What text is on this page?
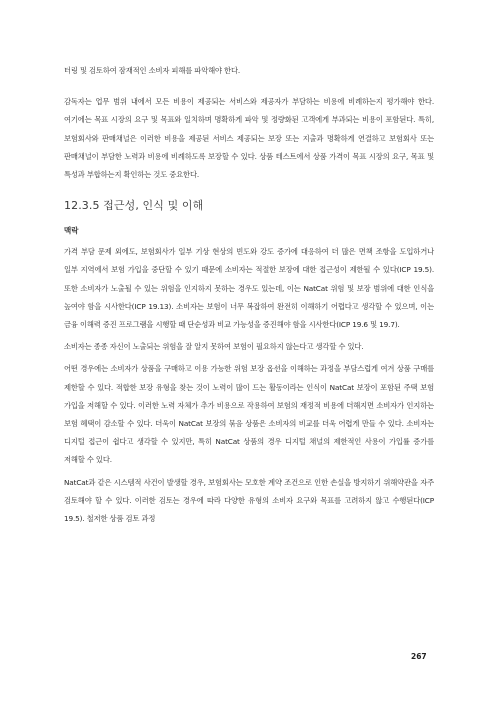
터링 및 검토하여 잠재적인 소비자 피해를 파악해야 한다.

감독자는 업무 범위 내에서 모든 비용이 제공되는 서비스와 제공자가 부담하는 비용에 비례하는지 평가해야 한다. 여기에는 목표 시장의 요구 및 목표와 일치하며 명확하게 파악 및 정량화된 고객에게 부과되는 비용이 포함된다. 특히, 보험회사와 판매채널은 이러한 비용을 제공된 서비스 제공되는 보장 또는 지출과 명확하게 연결하고 보험회사 또는 판매채널이 부담한 노력과 비용에 비례하도록 보장할 수 있다. 상품 테스트에서 상품 가격이 목표 시장의 요구, 목표 및 특성과 부합하는지 확인하는 것도 중요한다.

12.3.5 접근성, 인식 및 이해
맥락

가격 부담 문제 외에도, 보험회사가 일부 기상 현상의 빈도와 강도 증가에 대응하여 더 많은 면책 조항을 도입하거나 일부 지역에서 보험 가입을 중단할 수 있기 때문에 소비자는 적절한 보장에 대한 접근성이 제한될 수 있다(ICP 19.5). 또한 소비자가 노출될 수 있는 위험을 인지하지 못하는 경우도 있는데, 이는 NatCat 위험 및 보장 범위에 대한 인식을 높여야 함을 시사한다(ICP 19.13). 소비자는 보험이 너무 복잡하여 완전히 이해하기 어렵다고 생각할 수 있으며, 이는 금융 이해력 증진 프로그램을 시행할 때 단순성과 비교 가능성을 증진해야 함을 시사한다(ICP 19.6 및 19.7).

소비자는 종종 자신이 노출되는 위험을 잘 알지 못하여 보험이 필요하지 않는다고 생각할 수 있다.

어떤 경우에는 소비자가 상품을 구매하고 이용 가능한 위험 보장 옵션을 이해하는 과정을 부담스럽게 여겨 상품 구매를 제한할 수 있다. 적합한 보장 유형을 찾는 것이 노력이 많이 드는 활동이라는 인식이 NatCat 보장이 포함된 주택 보험 가입을 저해할 수 있다. 이러한 노력 자체가 추가 비용으로 작용하여 보험의 재정적 비용에 더해지면 소비자가 인지하는 보험 혜택이 감소할 수 있다. 더욱이 NatCat 보장의 묶음 상품은 소비자의 비교를 더욱 어렵게 만들 수 있다. 소비자는 디지털 접근이 쉽다고 생각할 수 있지만, 특히 NatCat 상품의 경우 디지털 채널의 제한적인 사용이 가입률 증가를 저해할 수 있다.

NatCat과 같은 시스템적 사건이 발생할 경우, 보험회사는 모호한 계약 조건으로 인한 손실을 방지하기 위해약관을 자주 검토해야 할 수 있다. 이러한 검토는 경우에 따라 다양한 유형의 소비자 요구와 목표를 고려하지 않고 수행된다(ICP 19.5). 철저한 상품 검토 과정

267
